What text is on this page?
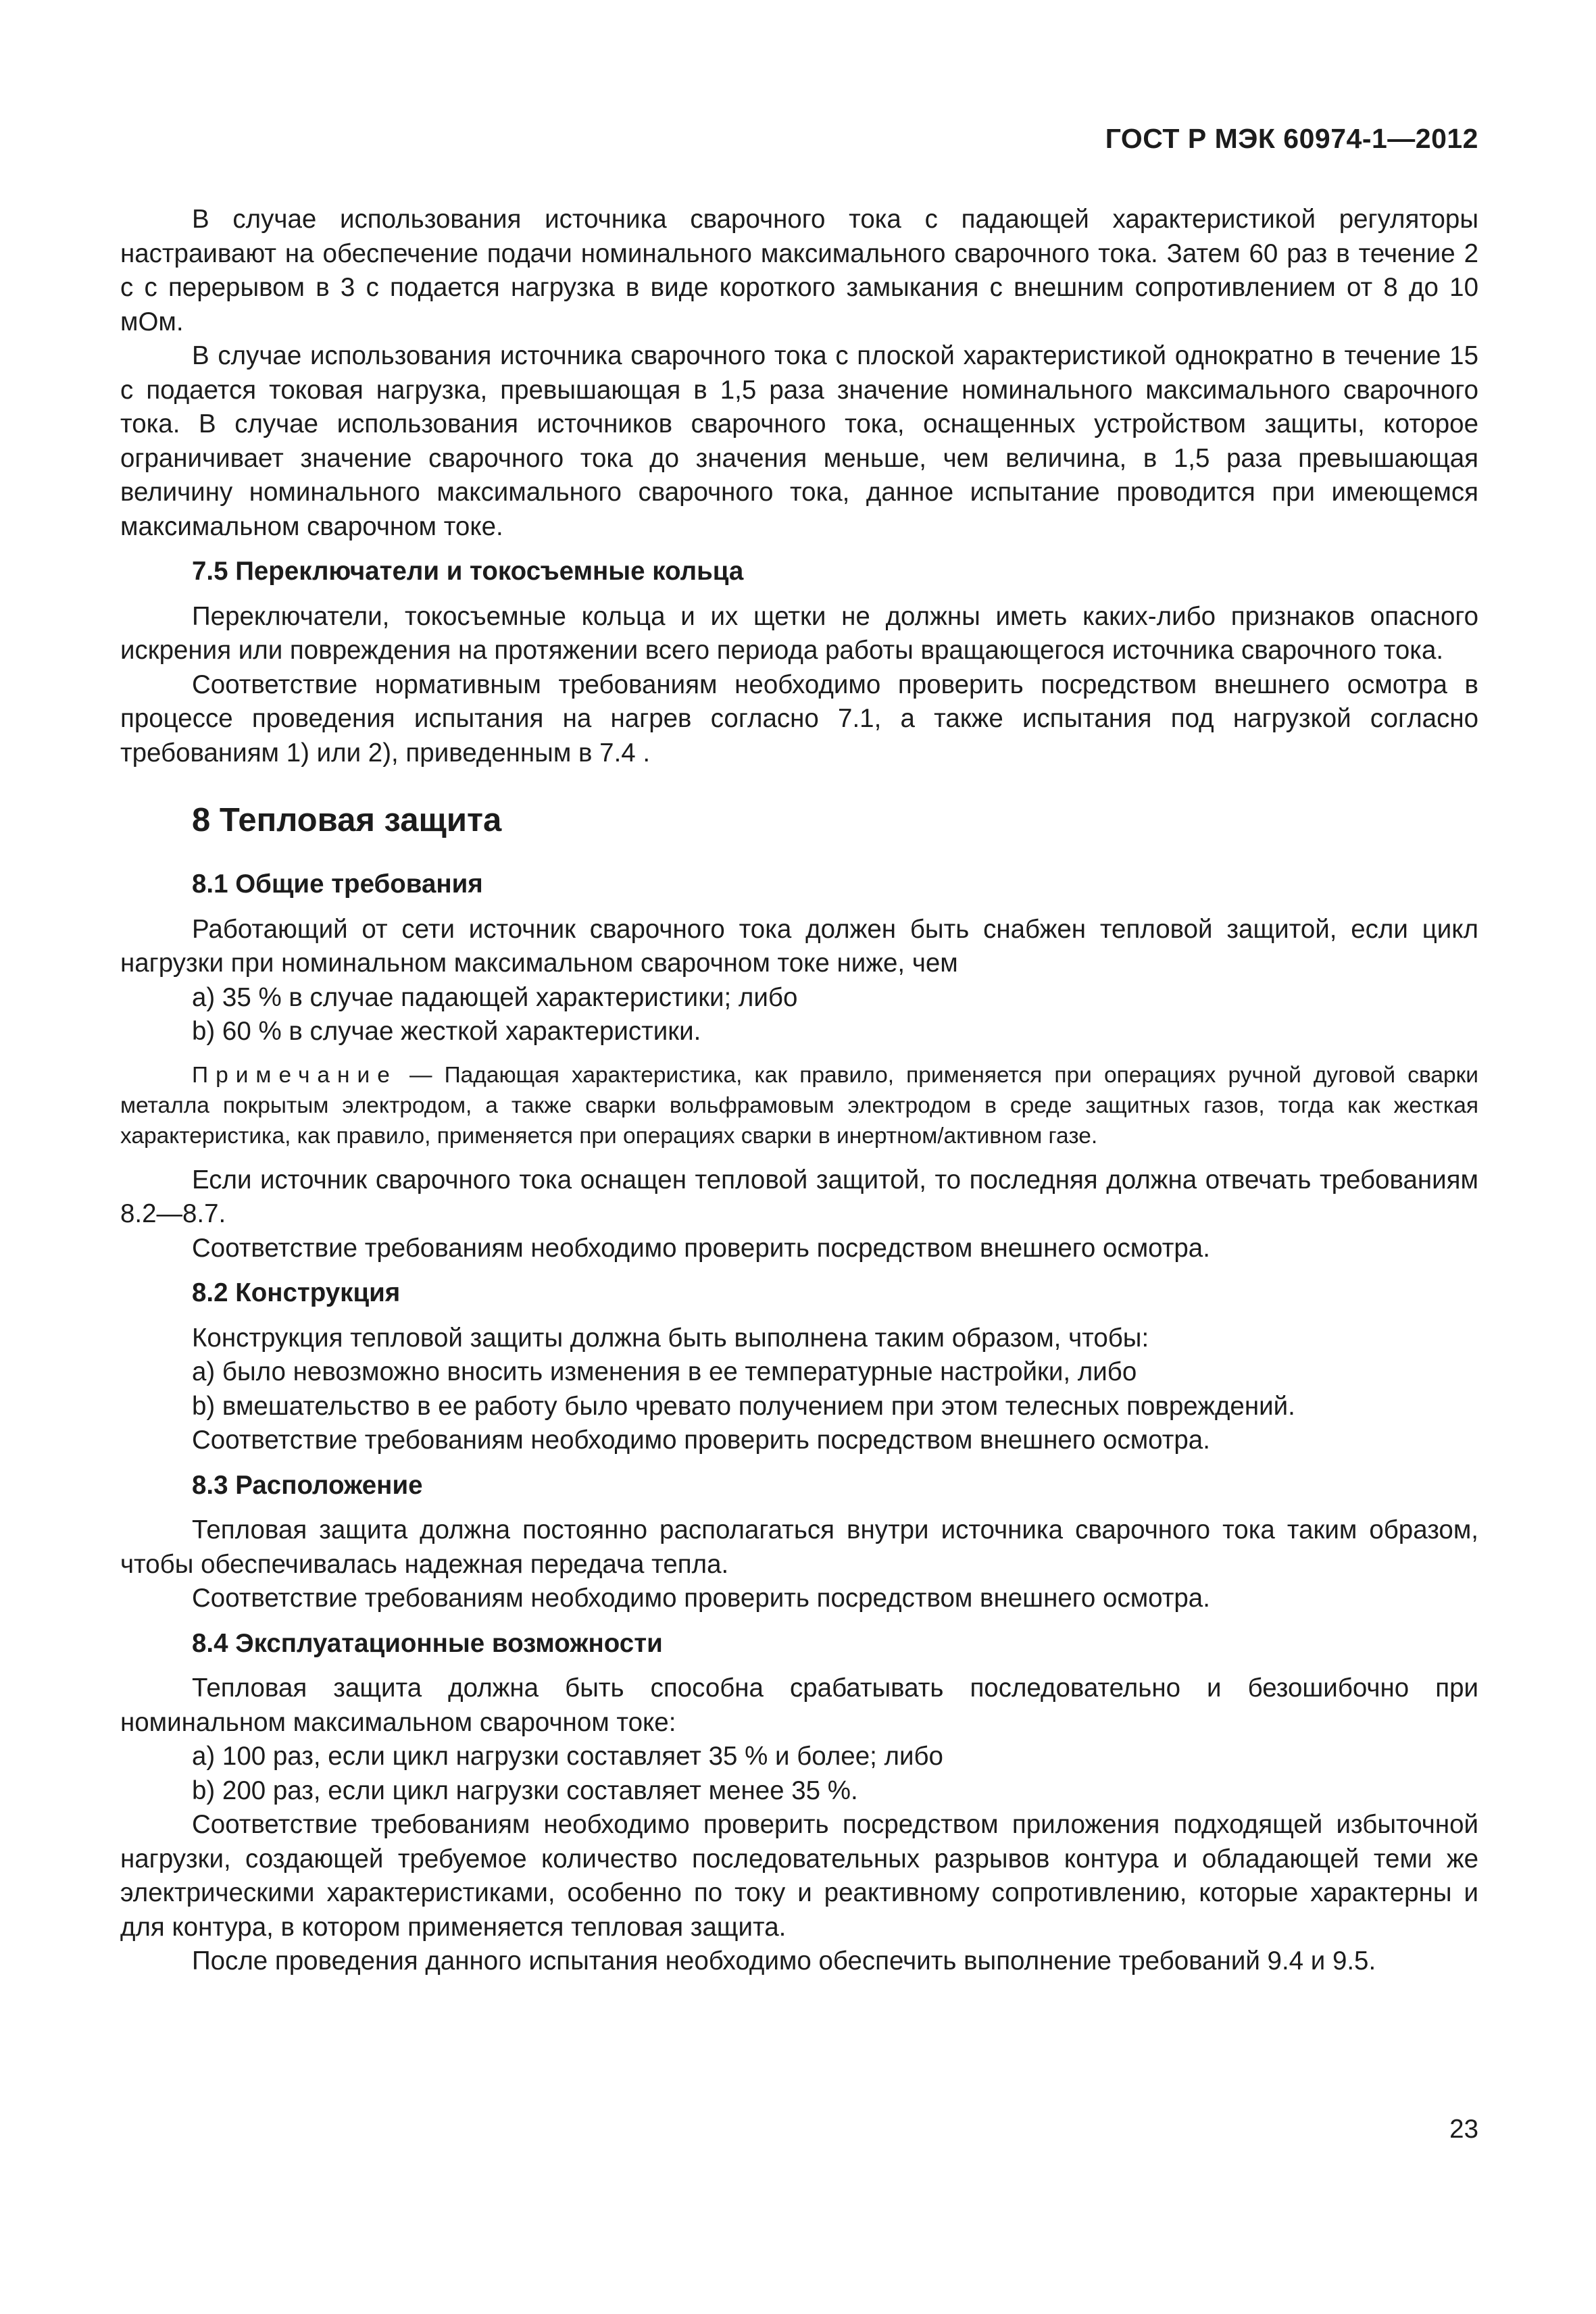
ГОСТ Р МЭК 60974-1—2012

В случае использования источника сварочного тока с падающей характеристикой регуляторы настраивают на обеспечение подачи номинального максимального сварочного тока. Затем 60 раз в течение 2 с с перерывом в 3 с подается нагрузка в виде короткого замыкания с внешним сопротивлением от 8 до 10 мОм.

В случае использования источника сварочного тока с плоской характеристикой однократно в течение 15 с подается токовая нагрузка, превышающая в 1,5 раза значение номинального максимального сварочного тока. В случае использования источников сварочного тока, оснащенных устройством защиты, которое ограничивает значение сварочного тока до значения меньше, чем величина, в 1,5 раза превышающая величину номинального максимального сварочного тока, данное испытание проводится при имеющемся максимальном сварочном токе.

7.5 Переключатели и токосъемные кольца

Переключатели, токосъемные кольца и их щетки не должны иметь каких-либо признаков опасного искрения или повреждения на протяжении всего периода работы вращающегося источника сварочного тока.

Соответствие нормативным требованиям необходимо проверить посредством внешнего осмотра в процессе проведения испытания на нагрев согласно 7.1, а также испытания под нагрузкой согласно требованиям 1) или 2), приведенным в 7.4 .

8 Тепловая защита

8.1 Общие требования

Работающий от сети источник сварочного тока должен быть снабжен тепловой защитой, если цикл нагрузки при номинальном максимальном сварочном токе ниже, чем

a) 35 % в случае падающей характеристики; либо

b) 60 % в случае жесткой характеристики.

Примечание — Падающая характеристика, как правило, применяется при операциях ручной дуговой сварки металла покрытым электродом, а также сварки вольфрамовым электродом в среде защитных газов, тогда как жесткая характеристика, как правило, применяется при операциях сварки в инертном/активном газе.

Если источник сварочного тока оснащен тепловой защитой, то последняя должна отвечать требованиям 8.2—8.7.

Соответствие требованиям необходимо проверить посредством внешнего осмотра.

8.2 Конструкция

Конструкция тепловой защиты должна быть выполнена таким образом, чтобы:

a) было невозможно вносить изменения в ее температурные настройки, либо

b) вмешательство в ее работу было чревато получением при этом телесных повреждений.

Соответствие требованиям необходимо проверить посредством внешнего осмотра.

8.3 Расположение

Тепловая защита должна постоянно располагаться внутри источника сварочного тока таким образом, чтобы обеспечивалась надежная передача тепла.

Соответствие требованиям необходимо проверить посредством внешнего осмотра.

8.4 Эксплуатационные возможности

Тепловая защита должна быть способна срабатывать последовательно и безошибочно при номинальном максимальном сварочном токе:

a) 100 раз, если цикл нагрузки составляет 35 % и более; либо

b) 200 раз, если цикл нагрузки составляет менее 35 %.

Соответствие требованиям необходимо проверить посредством приложения подходящей избыточной нагрузки, создающей требуемое количество последовательных разрывов контура и обладающей теми же электрическими характеристиками, особенно по току и реактивному сопротивлению, которые характерны и для контура, в котором применяется тепловая защита.

После проведения данного испытания необходимо обеспечить выполнение требований 9.4 и 9.5.

23
